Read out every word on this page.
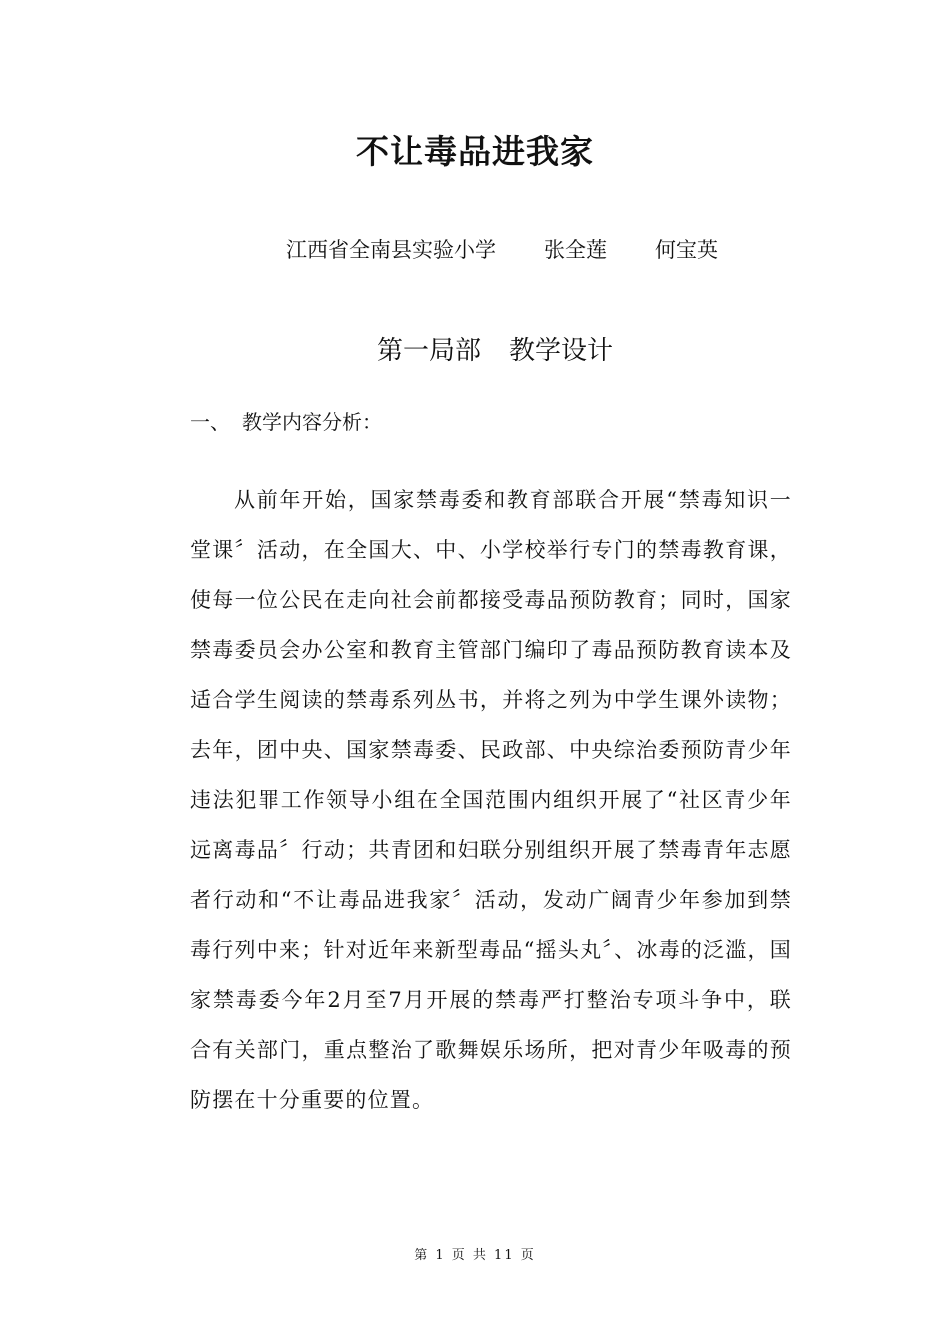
不让毒品进我家
江西省全南县实验小学 张全莲 何宝英
第一局部 教学设计
一、 教学内容分析：

从前年开始，国家禁毒委和教育部联合开展“禁毒知识一堂课〞活动，在全国大、中、小学校举行专门的禁毒教育课，使每一位公民在走向社会前都接受毒品预防教育；同时，国家禁毒委员会办公室和教育主管部门编印了毒品预防教育读本及适合学生阅读的禁毒系列丛书，并将之列为中学生课外读物；去年，团中央、国家禁毒委、民政部、中央综治委预防青少年违法犯罪工作领导小组在全国范围内组织开展了“社区青少年远离毒品〞行动；共青团和妇联分别组织开展了禁毒青年志愿者行动和“不让毒品进我家〞活动，发动广阔青少年参加到禁毒行列中来；针对近年来新型毒品“摇头丸〞、冰毒的泛滥，国家禁毒委今年2月至7月开展的禁毒严打整治专项斗争中，联合有关部门，重点整治了歌舞娱乐场所，把对青少年吸毒的预防摆在十分重要的位置。

第 1 页 共 11 页
